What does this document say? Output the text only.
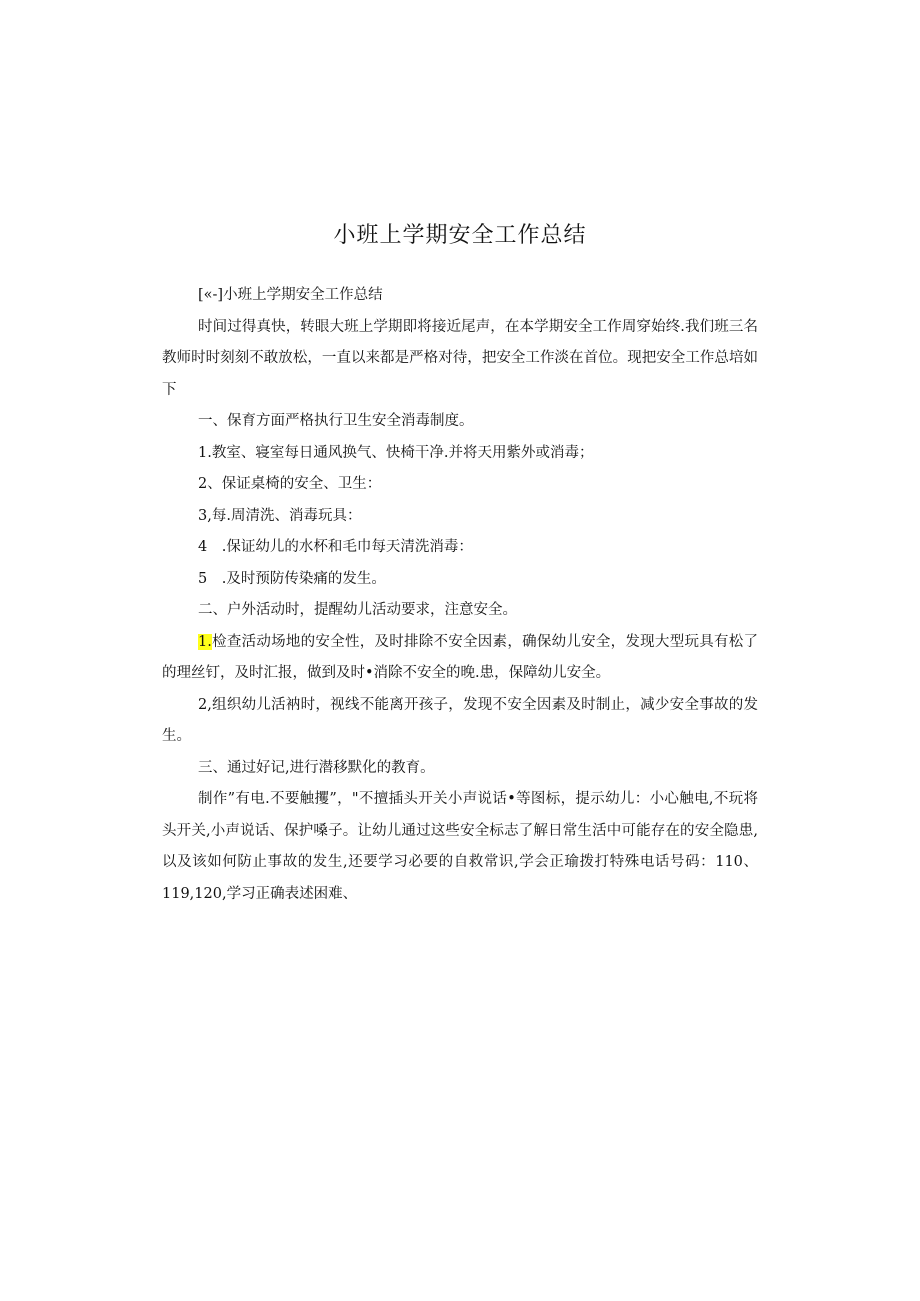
小班上学期安全工作总结

[«-]小班上学期安全工作总结

时间过得真快，转眼大班上学期即将接近尾声，在本学期安全工作周穿始终.我们班三名教师时时刻刻不敢放松，一直以来都是严格对待，把安全工作淡在首位。现把安全工作总培如下

一、保育方面严格执行卫生安全消毒制度。

1.教室、寝室每日通风换气、快椅干净.并将天用紫外或消毒；

2、保证桌椅的安全、卫生：

3,每.周清洗、消毒玩具：

4　.保证幼儿的水杯和毛巾每天清洗消毒：

5　.及时预防传染痛的发生。

二、户外活动时，提醒幼儿活动要求，注意安全。

1.检查活动场地的安全性，及时排除不安全因素，确保幼儿安全，发现大型玩具有松了的理丝钉，及时汇报，做到及时•消除不安全的晚.患，保障幼儿安全。

2,组织幼儿活衲时，视线不能离开孩子，发现不安全因素及时制止，减少安全事故的发生。

三、通过好记,进行潜移默化的教育。

制作”有电.不要触攫”，"不擅插头开关小声说话•等图标，提示幼儿：小心触电,不玩将头开关,小声说话、保护嗓子。让幼儿通过这些安全标志了解日常生活中可能存在的安全隐患,以及该如何防止事故的发生,还要学习必要的自救常识,学会正瑜拨打特殊电话号码：110、119,120,学习正确表述困难、
